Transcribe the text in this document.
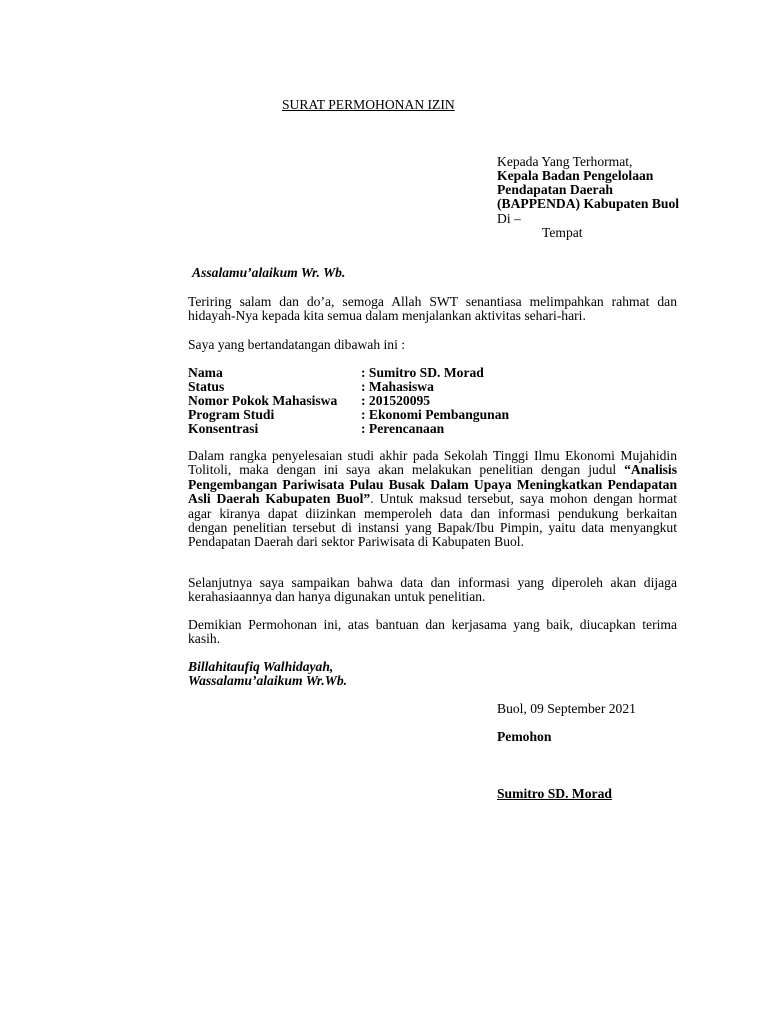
SURAT PERMOHONAN IZIN
Kepada Yang Terhormat,
Kepala Badan Pengelolaan
Pendapatan Daerah
(BAPPENDA) Kabupaten Buol
Di –
Tempat
Assalamu’alaikum Wr. Wb.

Teriring salam dan do’a, semoga Allah SWT senantiasa melimpahkan rahmat dan hidayah-Nya kepada kita semua dalam menjalankan aktivitas sehari-hari.

Saya yang bertandatangan dibawah ini :
Nama	: Sumitro SD. Morad
Status	: Mahasiswa
Nomor Pokok Mahasiswa : 201520095
Program Studi	: Ekonomi Pembangunan
Konsentrasi	: Perencanaan

Dalam rangka penyelesaian studi akhir pada Sekolah Tinggi Ilmu Ekonomi Mujahidin Tolitoli, maka dengan ini saya akan melakukan penelitian dengan judul “Analisis Pengembangan Pariwisata Pulau Busak Dalam Upaya Meningkatkan Pendapatan Asli Daerah Kabupaten Buol”. Untuk maksud tersebut, saya mohon dengan hormat agar kiranya dapat diizinkan memperoleh data dan informasi pendukung berkaitan dengan penelitian tersebut di instansi yang Bapak/Ibu Pimpin, yaitu data menyangkut Pendapatan Daerah dari sektor Pariwisata di Kabupaten Buol.

Selanjutnya saya sampaikan bahwa data dan informasi yang diperoleh akan dijaga kerahasiaannya dan hanya digunakan untuk penelitian.

Demikian Permohonan ini, atas bantuan dan kerjasama yang baik, diucapkan terima kasih.

Billahitaufiq Walhidayah,
Wassalamu’alaikum Wr.Wb.
Buol, 09 September 2021
Pemohon
Sumitro SD. Morad
